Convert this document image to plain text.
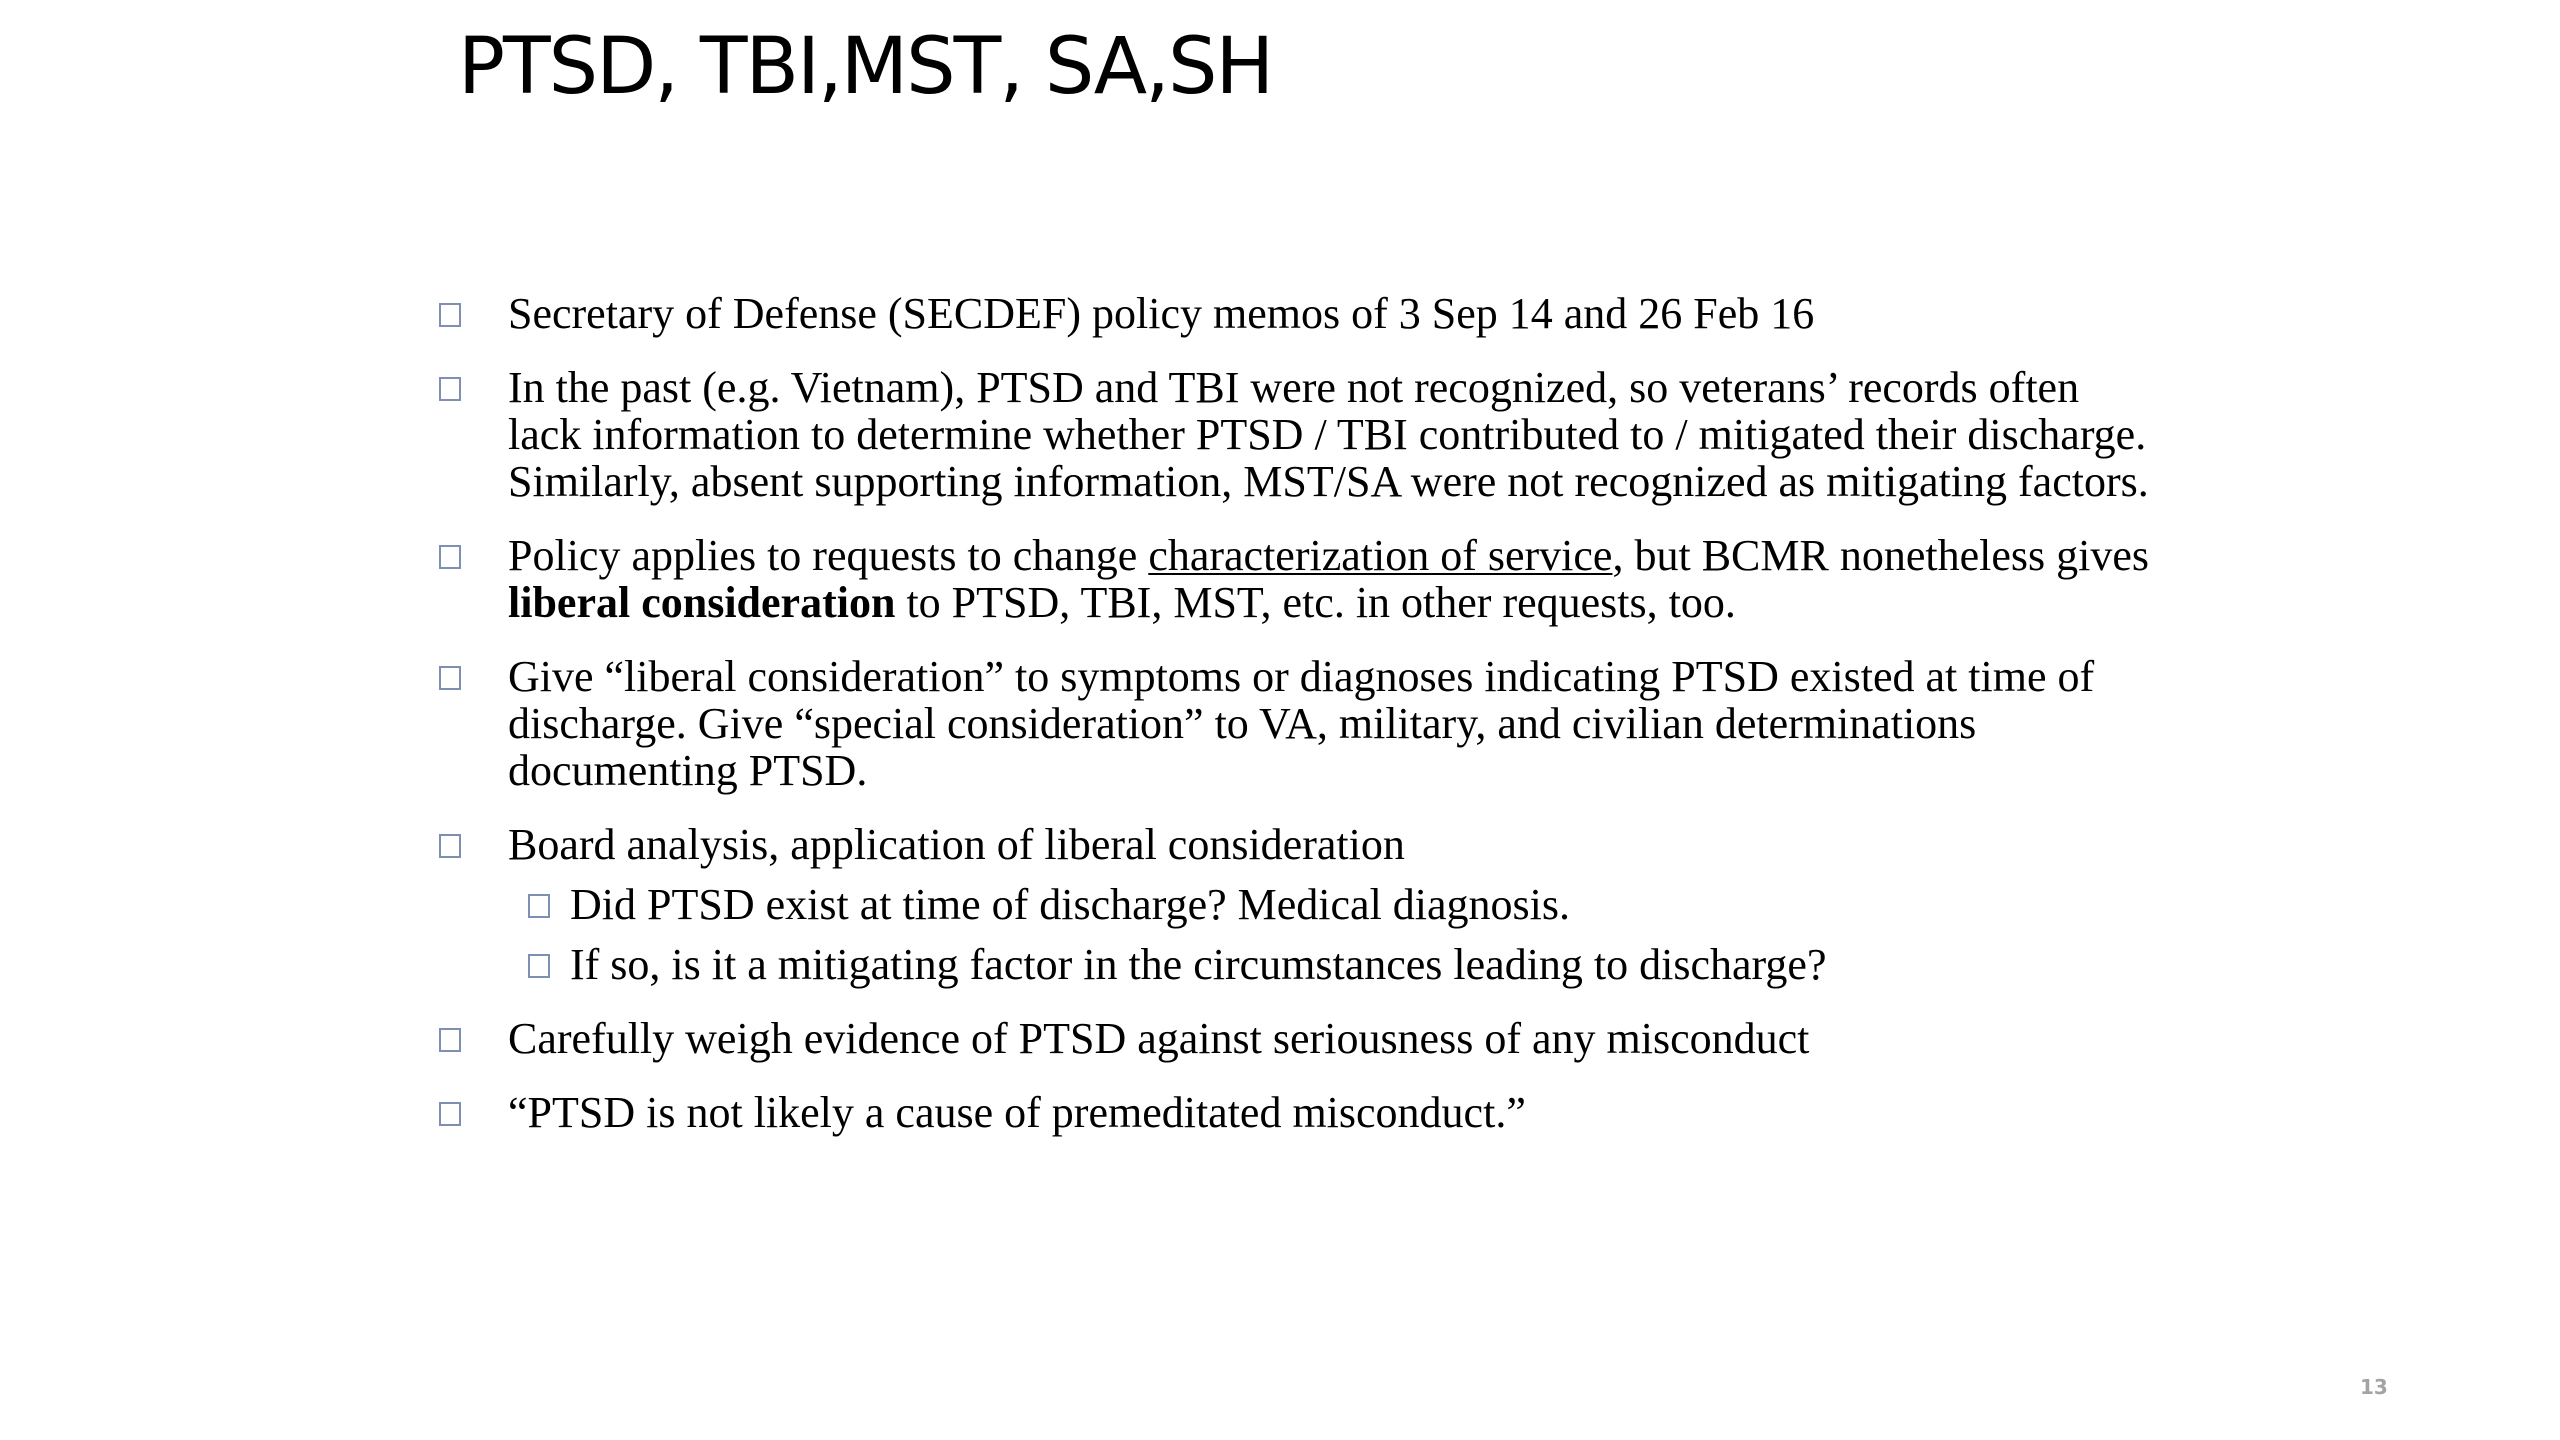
PTSD, TBI,MST, SA,SH
Secretary of Defense (SECDEF) policy memos of 3 Sep 14 and 26 Feb 16
In the past (e.g. Vietnam), PTSD and TBI were not recognized, so veterans’ records often lack information to determine whether PTSD / TBI contributed to / mitigated their discharge. Similarly, absent supporting information, MST/SA were not recognized as mitigating factors.
Policy applies to requests to change characterization of service, but BCMR nonetheless gives liberal consideration to PTSD, TBI, MST, etc. in other requests, too.
Give “liberal consideration” to symptoms or diagnoses indicating PTSD existed at time of discharge. Give “special consideration” to VA, military, and civilian determinations documenting PTSD.
Board analysis, application of liberal consideration
Did PTSD exist at time of discharge? Medical diagnosis.
If so, is it a mitigating factor in the circumstances leading to discharge?
Carefully weigh evidence of PTSD against seriousness of any misconduct
“PTSD is not likely a cause of premeditated misconduct.”
13
